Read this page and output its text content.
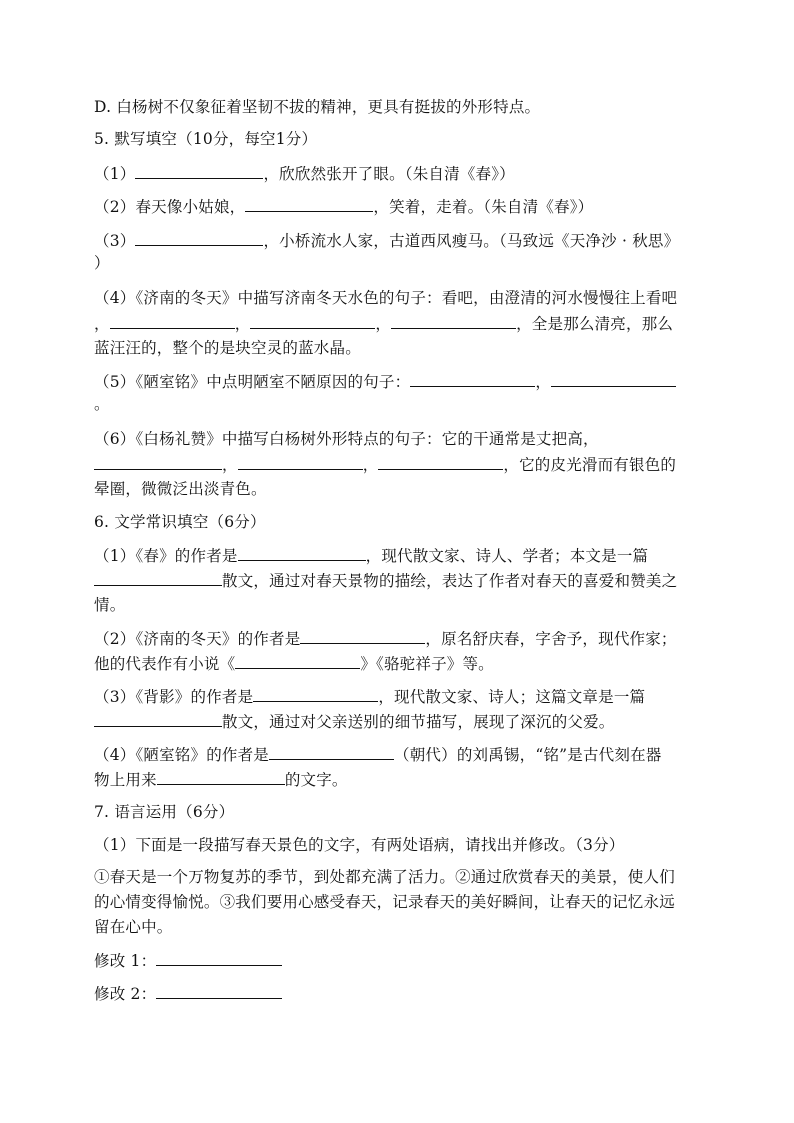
D. 白杨树不仅象征着坚韧不拔的精神，更具有挺拔的外形特点。
5. 默写填空（10分，每空1分）
（1）	，欣欣然张开了眼。（朱自清《春》）
（2）春天像小姑娘，	，笑着，走着。（朱自清《春》）
（3）	，小桥流水人家，古道西风瘦马。（马致远《天净沙 · 秋思》
）
（4）《济南的冬天》中描写济南冬天水色的句子：看吧，由澄清的河水慢慢往上看吧
，	，	，	，全是那么清亮，那么
蓝汪汪的，整个的是块空灵的蓝水晶。
（5）《陋室铭》中点明陋室不陋原因的句子：	，
。
（6）《白杨礼赞》中描写白杨树外形特点的句子：它的干通常是丈把高，
，	，	，它的皮光滑而有银色的
晕圈，微微泛出淡青色。
6. 文学常识填空（6分）
（1）《春》的作者是	，现代散文家、诗人、学者；本文是一篇
散文，通过对春天景物的描绘，表达了作者对春天的喜爱和赞美之
情。
（2）《济南的冬天》的作者是	，原名舒庆春，字舍予，现代作家；
他的代表作有小说《	》《骆驼祥子》等。
（3）《背影》的作者是	，现代散文家、诗人；这篇文章是一篇
散文，通过对父亲送别的细节描写，展现了深沉的父爱。
（4）《陋室铭》的作者是	（朝代）的刘禹锡，“铭”是古代刻在器
物上用来	的文字。
7. 语言运用（6分）
（1）下面是一段描写春天景色的文字，有两处语病，请找出并修改。（3分）
①春天是一个万物复苏的季节，到处都充满了活力。②通过欣赏春天的美景，使人们
的心情变得愉悦。③我们要用心感受春天，记录春天的美好瞬间，让春天的记忆永远
留在心中。
修改 1：
修改 2：
